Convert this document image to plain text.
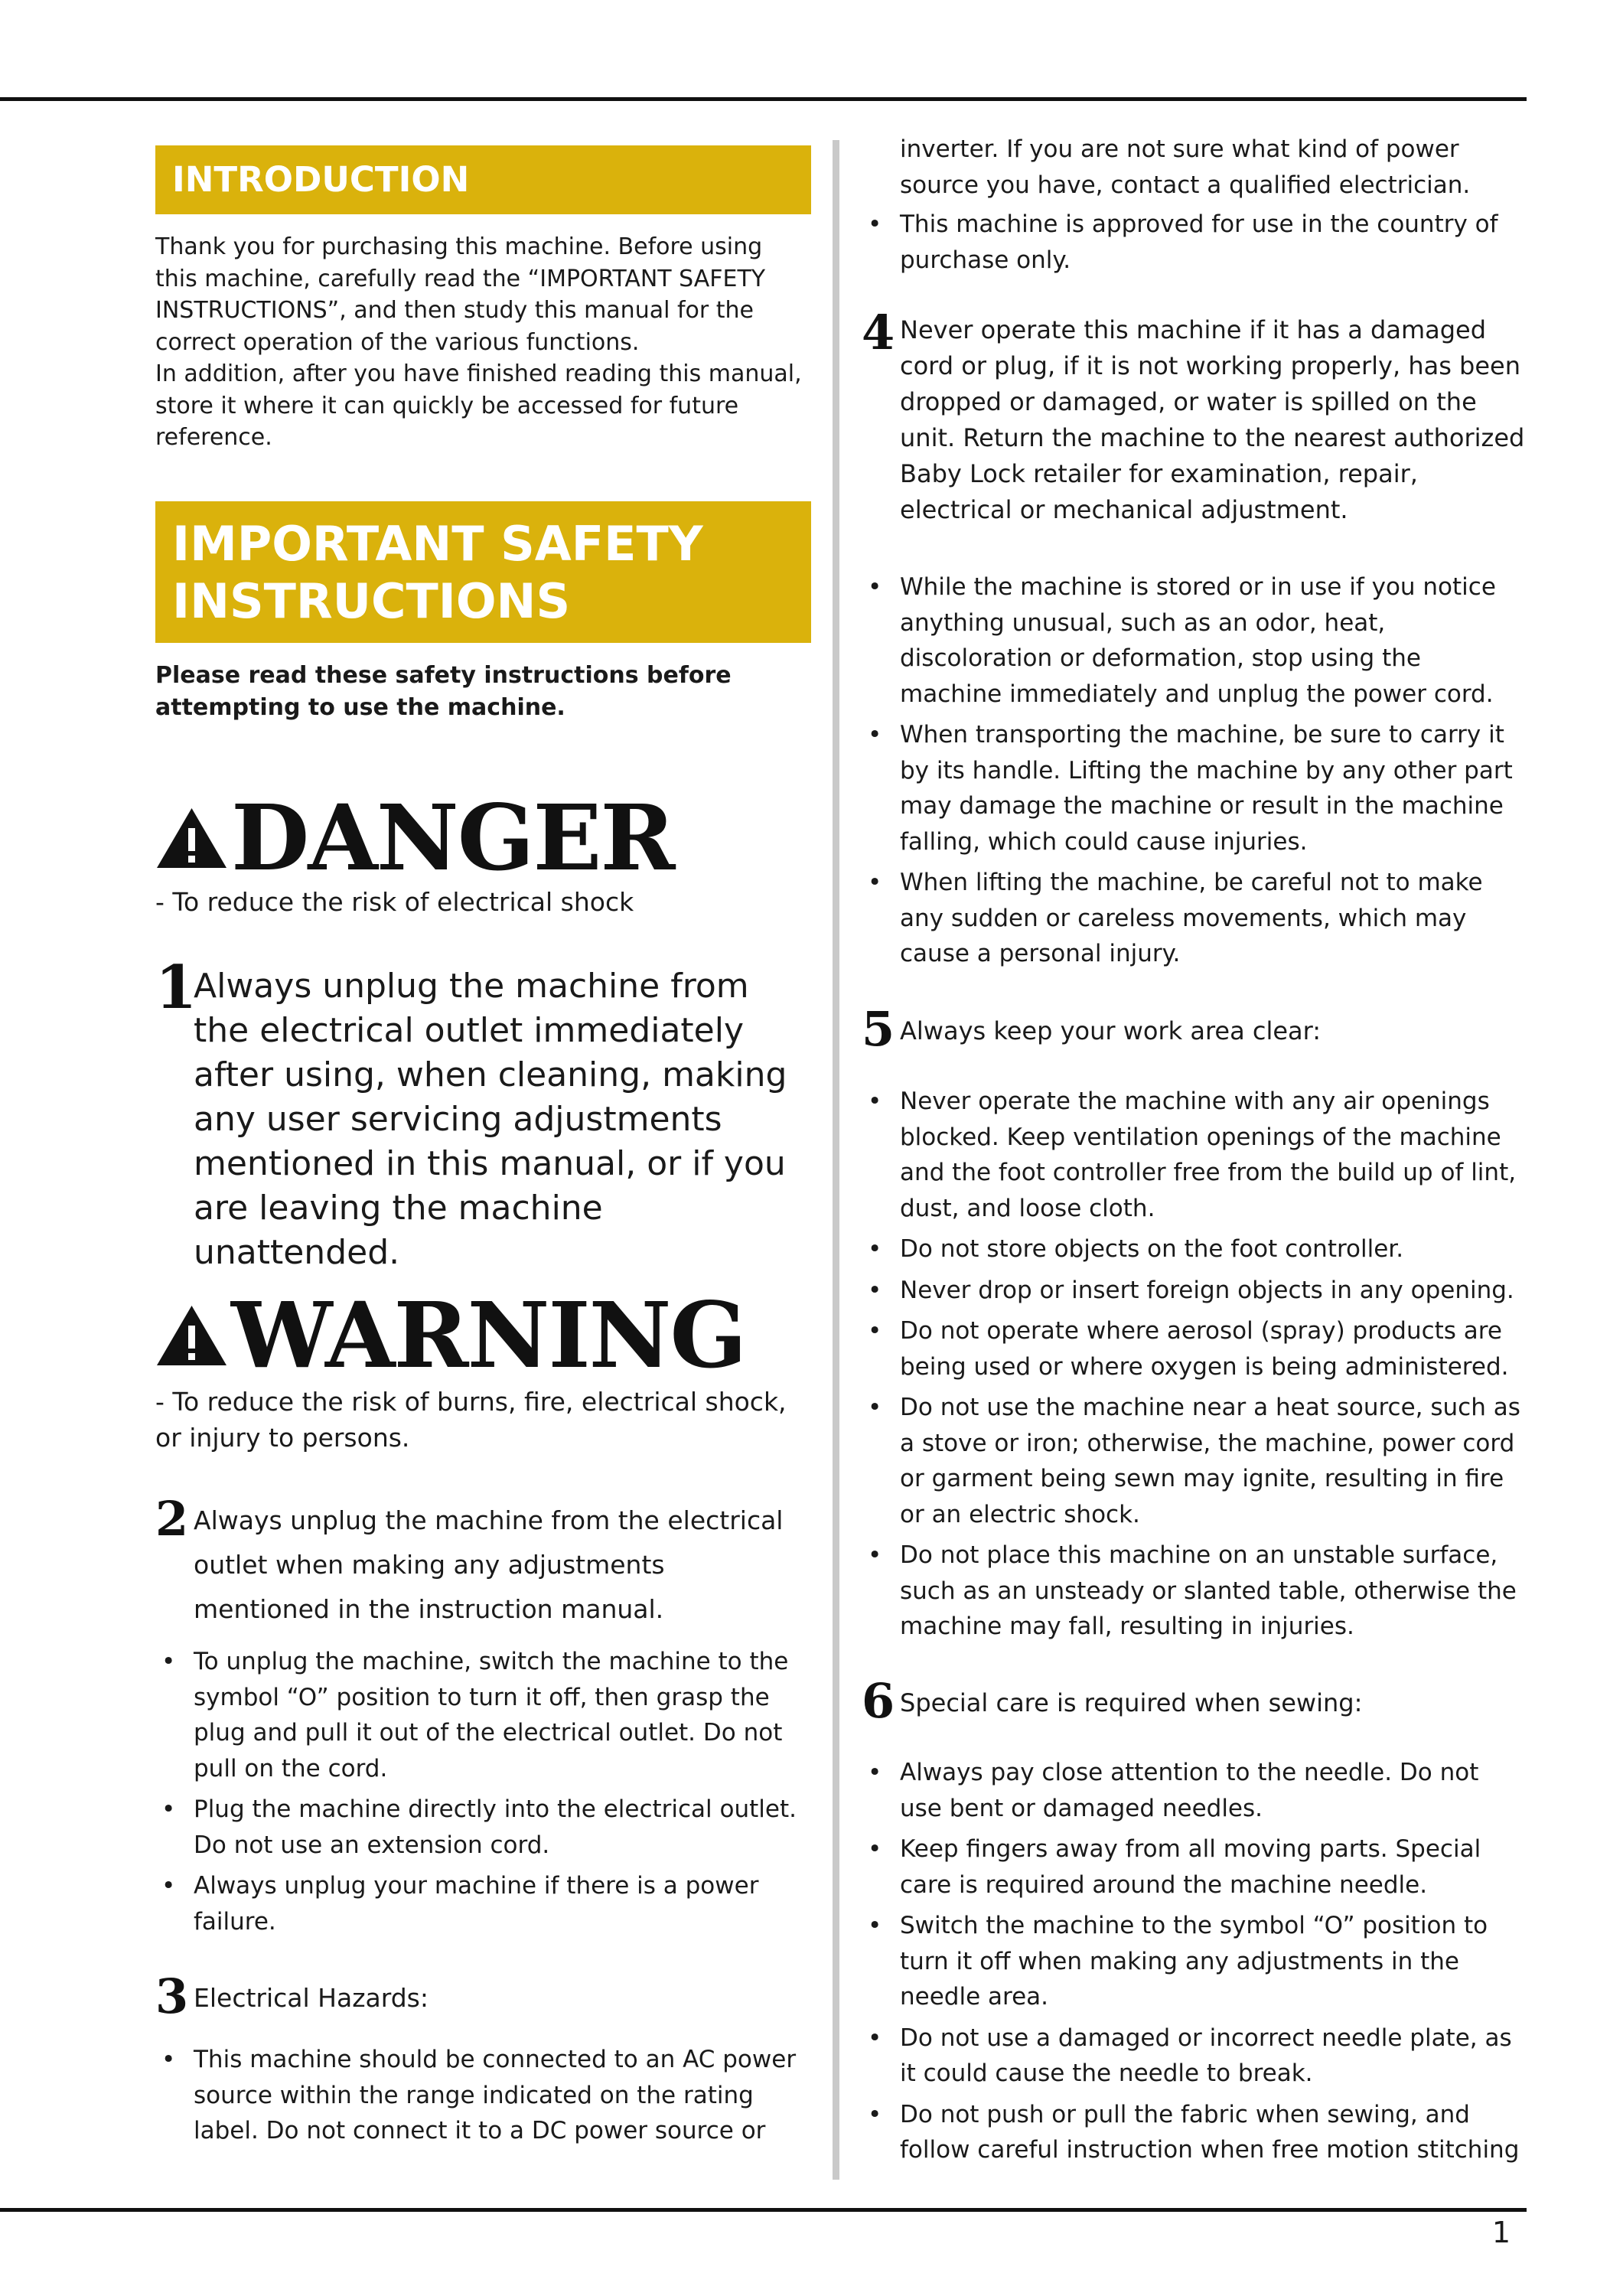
INTRODUCTION

Thank you for purchasing this machine. Before using this machine, carefully read the “IMPORTANT SAFETY INSTRUCTIONS”, and then study this manual for the correct operation of the various functions.
In addition, after you have finished reading this manual, store it where it can quickly be accessed for future reference.

IMPORTANT SAFETY
INSTRUCTIONS

Please read these safety instructions before attempting to use the machine.

DANGER

- To reduce the risk of electrical shock

1

Always unplug the machine from the electrical outlet immediately after using, when cleaning, making any user servicing adjustments mentioned in this manual, or if you are leaving the machine unattended.

WARNING

- To reduce the risk of burns, fire, electrical shock, or injury to persons.

2 Always unplug the machine from the electrical outlet when making any adjustments mentioned in the instruction manual.

• To unplug the machine, switch the machine to the symbol “O” position to turn it off, then grasp the plug and pull it out of the electrical outlet. Do not pull on the cord.
• Plug the machine directly into the electrical outlet. Do not use an extension cord.
• Always unplug your machine if there is a power failure.
3 Electrical Hazards:

• This machine should be connected to an AC power source within the range indicated on the rating label. Do not connect it to a DC power source or

inverter. If you are not sure what kind of power source you have, contact a qualified electrician.

• This machine is approved for use in the country of purchase only.
4 Never operate this machine if it has a damaged cord or plug, if it is not working properly, has been dropped or damaged, or water is spilled on the unit. Return the machine to the nearest authorized Baby Lock retailer for examination, repair, electrical or mechanical adjustment.

• While the machine is stored or in use if you notice anything unusual, such as an odor, heat, discoloration or deformation, stop using the machine immediately and unplug the power cord.
• When transporting the machine, be sure to carry it by its handle. Lifting the machine by any other part may damage the machine or result in the machine falling, which could cause injuries.
• When lifting the machine, be careful not to make any sudden or careless movements, which may cause a personal injury.
5 Always keep your work area clear:

• Never operate the machine with any air openings blocked. Keep ventilation openings of the machine and the foot controller free from the build up of lint, dust, and loose cloth.
• Do not store objects on the foot controller.
• Never drop or insert foreign objects in any opening.
• Do not operate where aerosol (spray) products are being used or where oxygen is being administered.
• Do not use the machine near a heat source, such as a stove or iron; otherwise, the machine, power cord or garment being sewn may ignite, resulting in fire or an electric shock.
• Do not place this machine on an unstable surface, such as an unsteady or slanted table, otherwise the machine may fall, resulting in injuries.
6 Special care is required when sewing:

• Always pay close attention to the needle. Do not use bent or damaged needles.
• Keep fingers away from all moving parts. Special care is required around the machine needle.
• Switch the machine to the symbol “O” position to turn it off when making any adjustments in the needle area.
• Do not use a damaged or incorrect needle plate, as it could cause the needle to break.
• Do not push or pull the fabric when sewing, and follow careful instruction when free motion stitching
1
